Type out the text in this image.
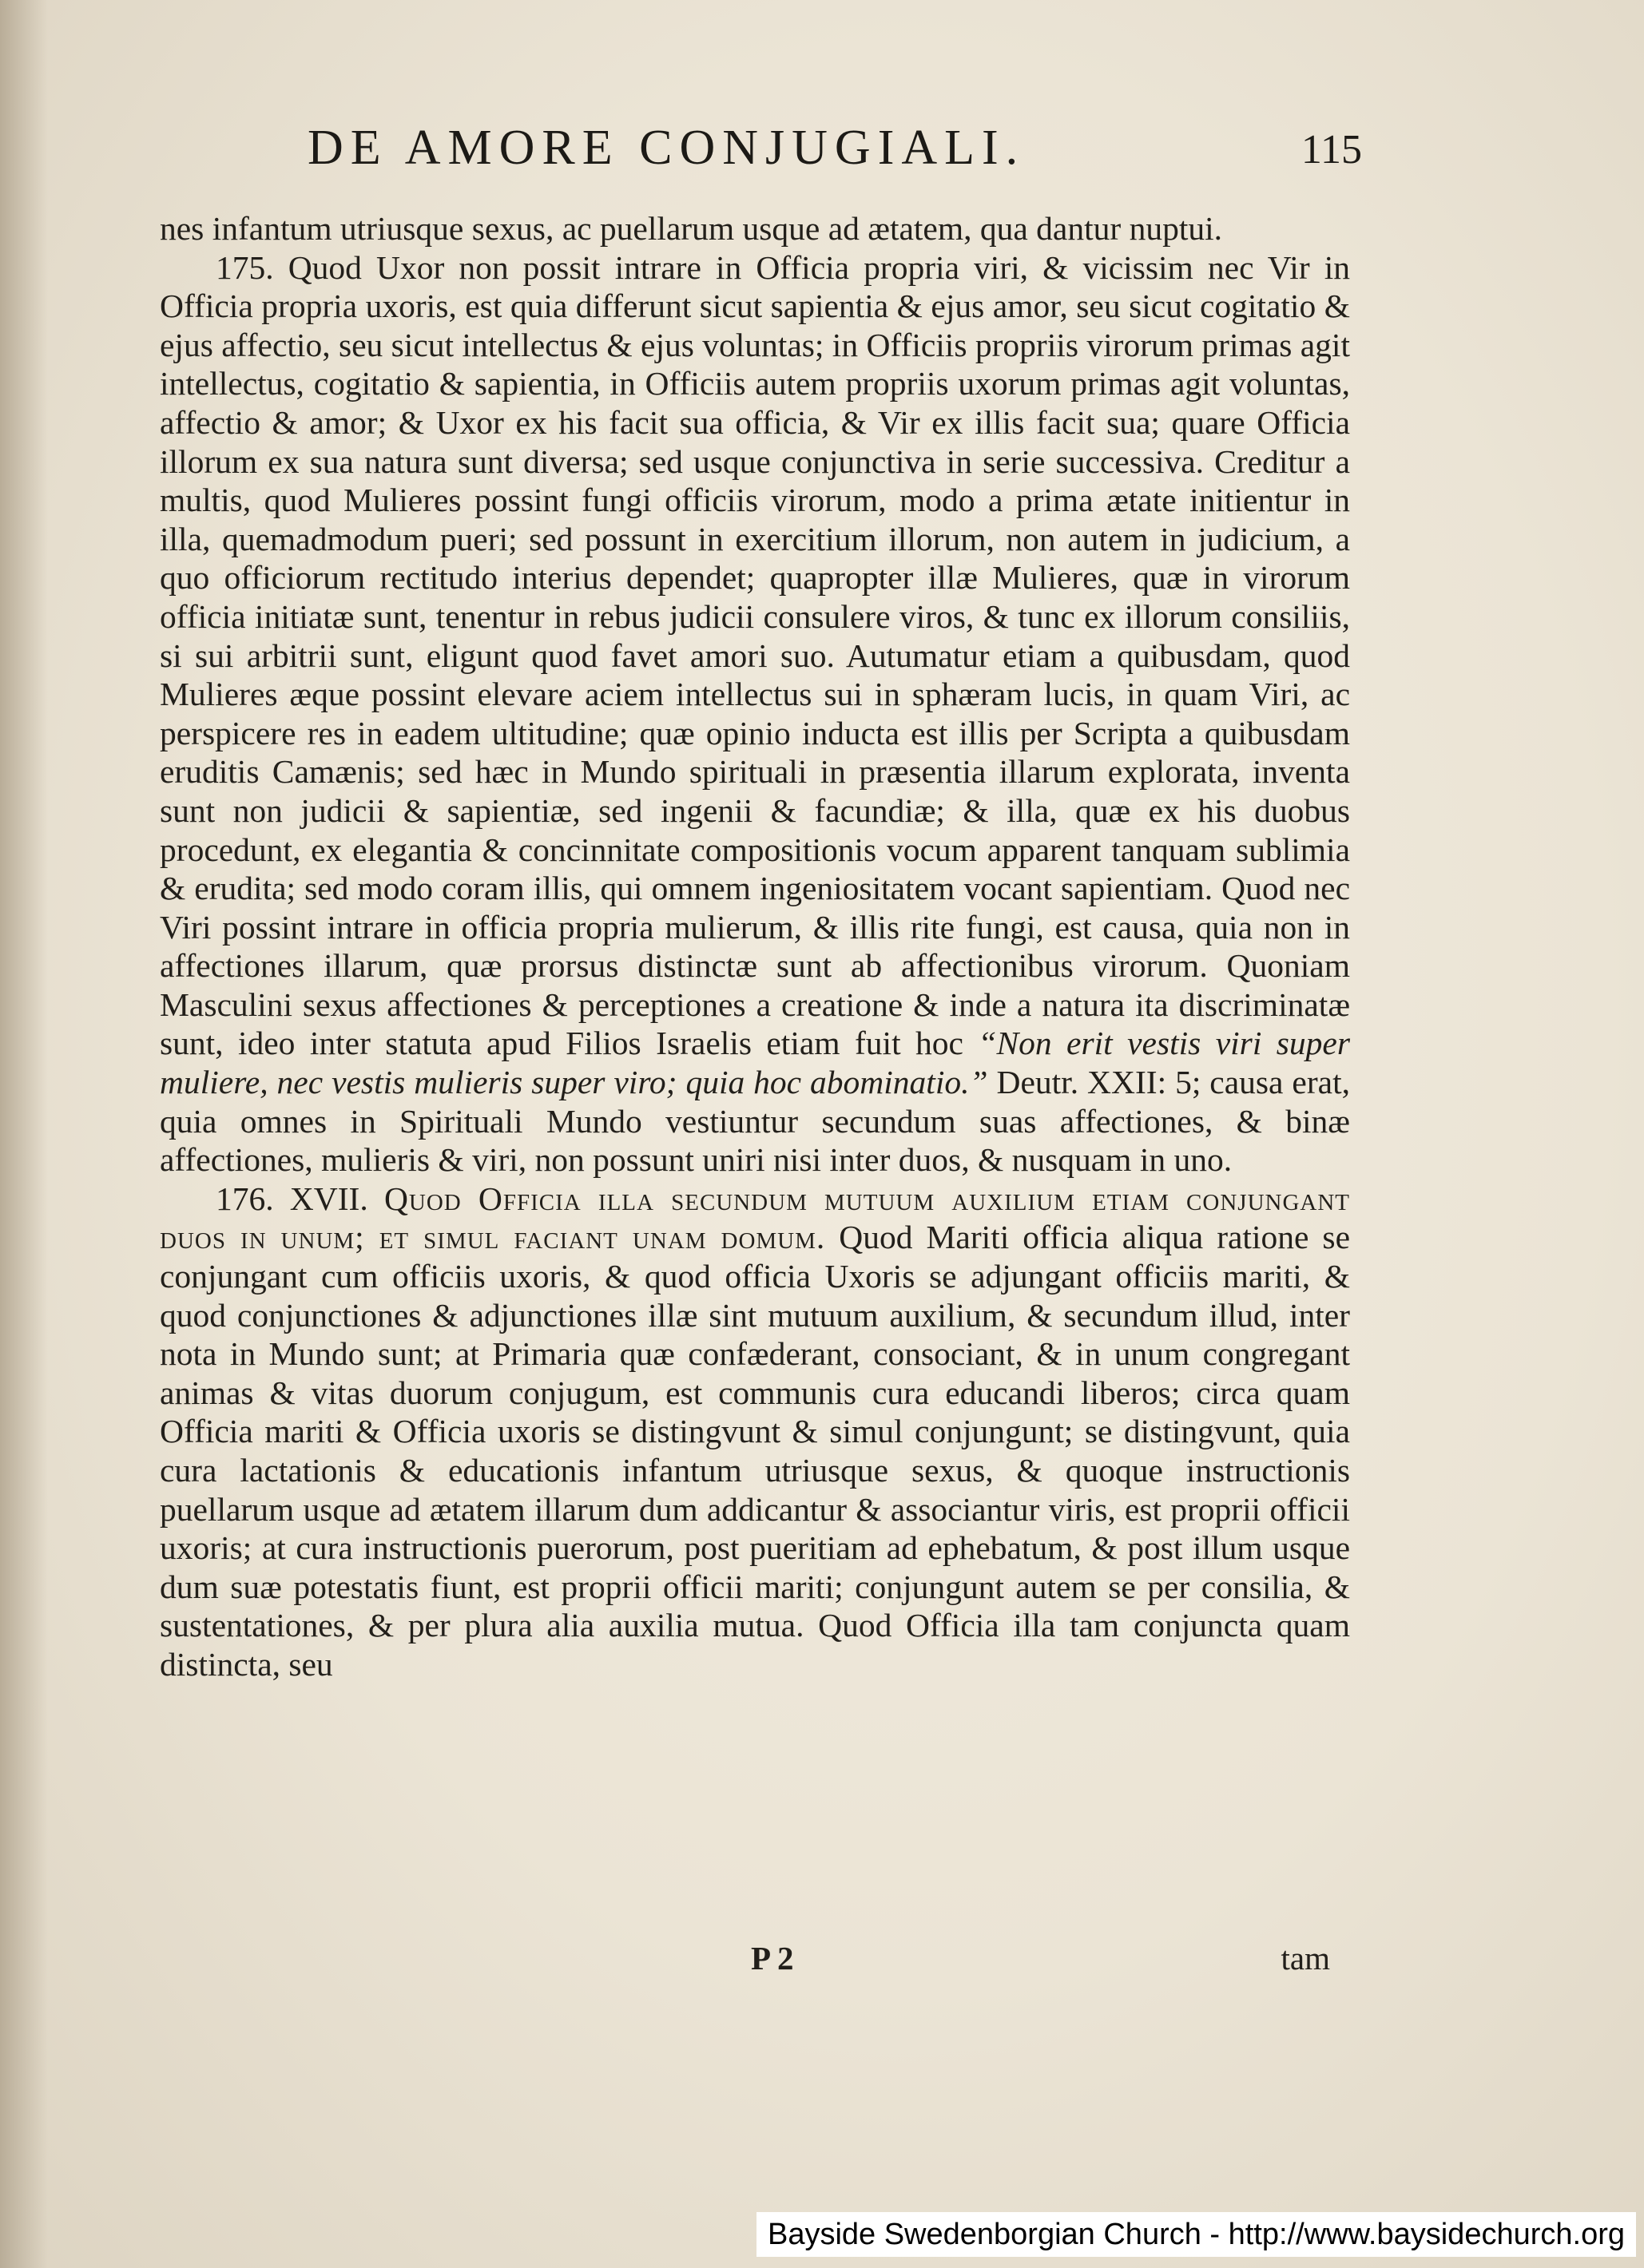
DE AMORE CONJUGIALI.	115

nes infantum utriusque sexus, ac puellarum usque ad ætatem, qua dantur nuptui.

175. Quod Uxor non possit intrare in Officia propria viri, & vicissim nec Vir in Officia propria uxoris, est quia differunt sicut sapientia & ejus amor, seu sicut cogitatio & ejus affectio, seu sicut intellectus & ejus voluntas; in Officiis propriis virorum primas agit intellectus, cogitatio & sapientia, in Officiis autem propriis uxorum primas agit voluntas, affectio & amor; & Uxor ex his facit sua officia, & Vir ex illis facit sua; quare Officia illorum ex sua natura sunt diversa; sed usque conjunctiva in serie successiva. Creditur a multis, quod Mulieres possint fungi officiis virorum, modo a prima ætate initientur in illa, quemadmodum pueri; sed possunt in exercitium illorum, non autem in judicium, a quo officiorum rectitudo interius dependet; quapropter illæ Mulieres, quæ in virorum officia initiatæ sunt, tenentur in rebus judicii consulere viros, & tunc ex illorum consiliis, si sui arbitrii sunt, eligunt quod favet amori suo. Autumatur etiam a quibusdam, quod Mulieres æque possint elevare aciem intellectus sui in sphæram lucis, in quam Viri, ac perspicere res in eadem ultitudine; quæ opinio inducta est illis per Scripta a quibusdam eruditis Camænis; sed hæc in Mundo spirituali in præsentia illarum explorata, inventa sunt non judicii & sapientiæ, sed ingenii & facundiæ; & illa, quæ ex his duobus procedunt, ex elegantia & concinnitate compositionis vocum apparent tanquam sublimia & erudita; sed modo coram illis, qui omnem ingeniositatem vocant sapientiam. Quod nec Viri possint intrare in officia propria mulierum, & illis rite fungi, est causa, quia non in affectiones illarum, quæ prorsus distinctæ sunt ab affectionibus virorum. Quoniam Masculini sexus affectiones & perceptiones a creatione & inde a natura ita discriminatæ sunt, ideo inter statuta apud Filios Israelis etiam fuit hoc “Non erit vestis viri super muliere, nec vestis mulieris super viro; quia hoc abominatio.” Deutr. XXII: 5; causa erat, quia omnes in Spirituali Mundo vestiuntur secundum suas affectiones, & binæ affectiones, mulieris & viri, non possunt uniri nisi inter duos, & nusquam in uno.

176. XVII. Quod Officia illa secundum mutuum auxilium etiam conjungant duos in unum; et simul faciant unam domum. Quod Mariti officia aliqua ratione se conjungant cum officiis uxoris, & quod officia Uxoris se adjungant officiis mariti, & quod conjunctiones & adjunctiones illæ sint mutuum auxilium, & secundum illud, inter nota in Mundo sunt; at Primaria quæ confæderant, consociant, & in unum congregant animas & vitas duorum conjugum, est communis cura educandi liberos; circa quam Officia mariti & Officia uxoris se distingvunt & simul conjungunt; se distingvunt, quia cura lactationis & educationis infantum utriusque sexus, & quoque instructionis puellarum usque ad ætatem illarum dum addicantur & associantur viris, est proprii officii uxoris; at cura instructionis puerorum, post pueritiam ad ephebatum, & post illum usque dum suæ potestatis fiunt, est proprii officii mariti; conjungunt autem se per consilia, & sustentationes, & per plura alia auxilia mutua. Quod Officia illa tam conjuncta quam distincta, seu

P 2	tam
Bayside Swedenborgian Church - http://www.baysidechurch.org
